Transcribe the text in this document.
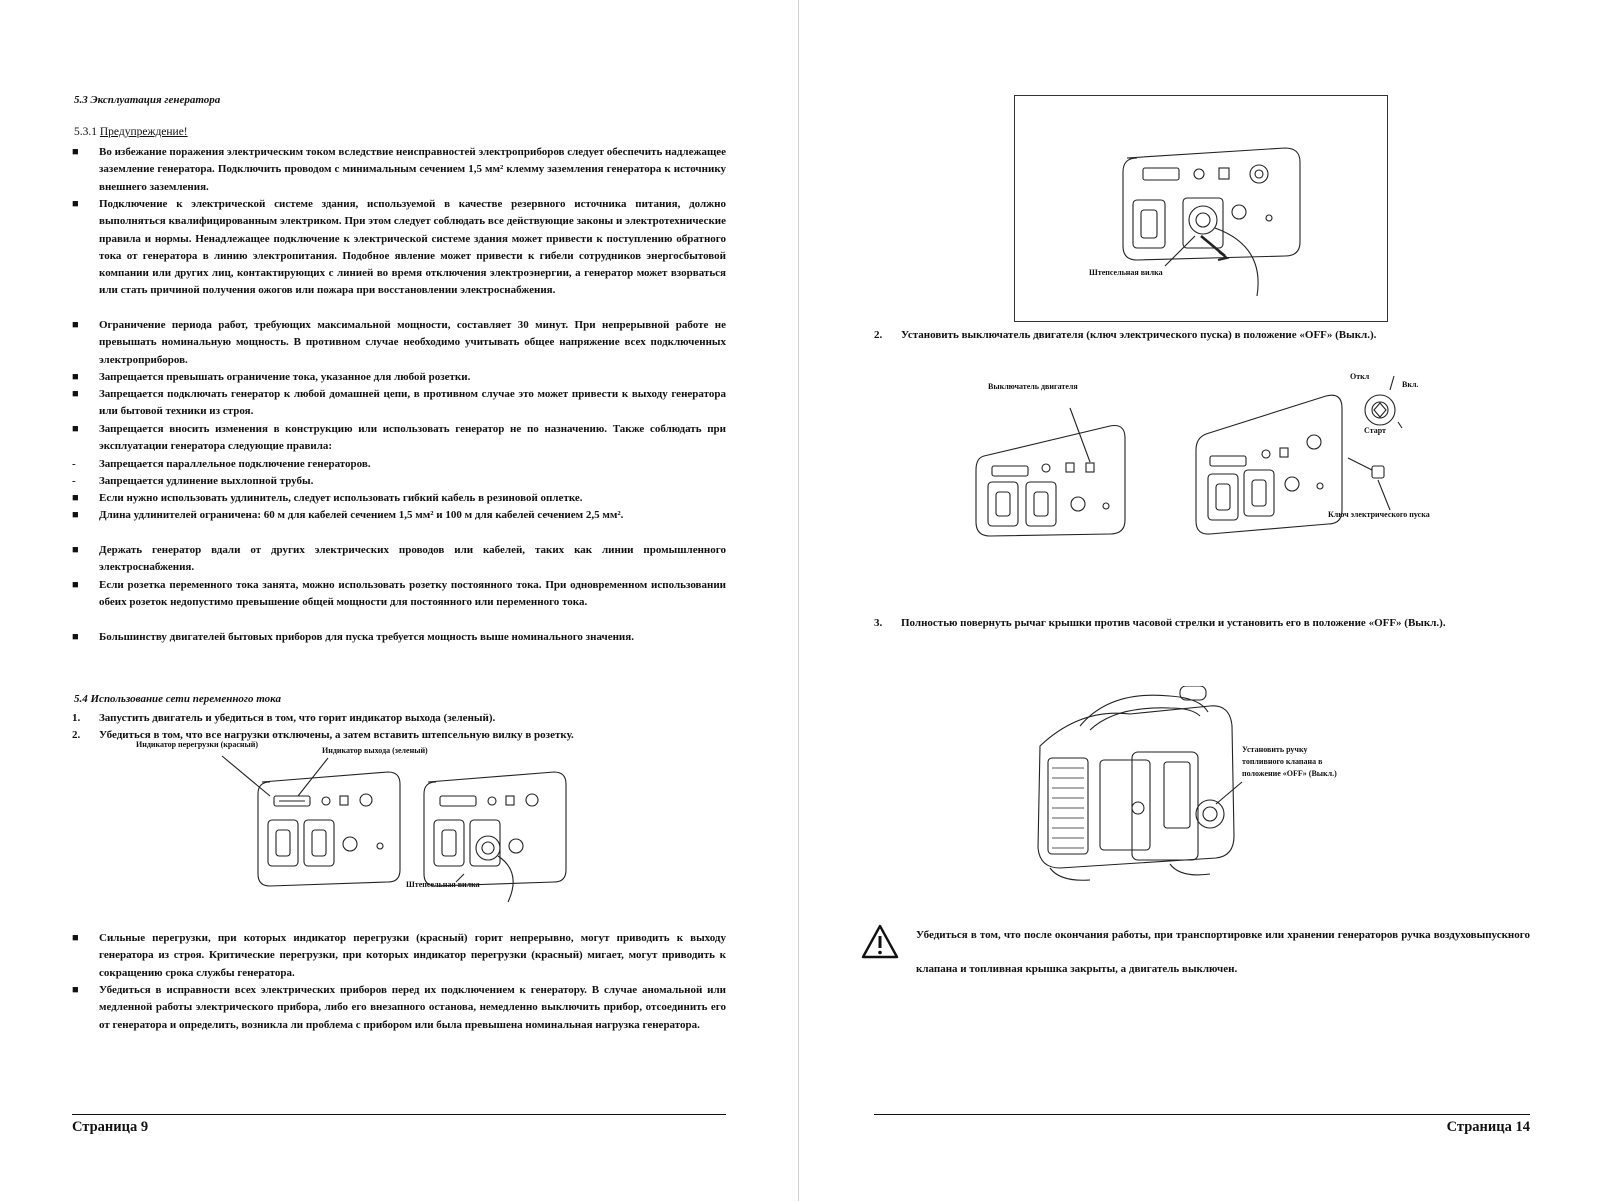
5.3 Эксплуатация генератора
5.3.1 Предупреждение!
■	Во избежание поражения электрическим током вследствие неисправностей электроприборов следует обеспечить надлежащее заземление генератора. Подключить проводом с минимальным сечением 1,5 мм² клемму заземления генератора к источнику внешнего заземления.
■	Подключение к электрической системе здания, используемой в качестве резервного источника питания, должно выполняться квалифицированным электриком. При этом следует соблюдать все действующие законы и электротехнические правила и нормы. Ненадлежащее подключение к электрической системе здания может привести к поступлению обратного тока от генератора в линию электропитания. Подобное явление может привести к гибели сотрудников энергосбытовой компании или других лиц, контактирующих с линией во время отключения электроэнергии, а генератор может взорваться или стать причиной получения ожогов или пожара при восстановлении электроснабжения.
■	Ограничение периода работ, требующих максимальной мощности, составляет 30 минут. При непрерывной работе не превышать номинальную мощность. В противном случае необходимо учитывать общее напряжение всех подключенных электроприборов.
■	Запрещается превышать ограничение тока, указанное для любой розетки.
■	Запрещается подключать генератор к любой домашней цепи, в противном случае это может привести к выходу генератора или бытовой техники из строя.
■	Запрещается вносить изменения в конструкцию или использовать генератор не по назначению. Также соблюдать при эксплуатации генератора следующие правила:
-	Запрещается параллельное подключение генераторов.
-	Запрещается удлинение выхлопной трубы.
■	Если нужно использовать удлинитель, следует использовать гибкий кабель в резиновой оплетке.
■	Длина удлинителей ограничена: 60 м для кабелей сечением 1,5 мм² и 100 м для кабелей сечением 2,5 мм².
■	Держать генератор вдали от других электрических проводов или кабелей, таких как линии промышленного электроснабжения.
■	Если розетка переменного тока занята, можно использовать розетку постоянного тока. При одновременном использовании обеих розеток недопустимо превышение общей мощности для постоянного или переменного тока.
■	Большинству двигателей бытовых приборов для пуска требуется мощность выше номинального значения.
5.4 Использование сети переменного тока
1.	Запустить двигатель и убедиться в том, что горит индикатор выхода (зеленый).
2.	Убедиться в том, что все нагрузки отключены, а затем вставить штепсельную вилку в розетку.
Индикатор перегрузки (красный)
Индикатор выхода (зеленый)
Штепсельная вилка
■	Сильные перегрузки, при которых индикатор перегрузки (красный) горит непрерывно, могут приводить к выходу генератора из строя. Критические перегрузки, при которых индикатор перегрузки (красный) мигает, могут приводить к сокращению срока службы генератора.
■	Убедиться в исправности всех электрических приборов перед их подключением к генератору. В случае аномальной или медленной работы электрического прибора, либо его внезапного останова, немедленно выключить прибор, отсоединить его от генератора и определить, возникла ли проблема с прибором или была превышена номинальная нагрузка генератора.
Страница 9
Штепсельная вилка
2.	Установить выключатель двигателя (ключ электрического пуска) в положение «OFF» (Выкл.).
Выключатель двигателя
Откл
Вкл.
Старт
Ключ электрического пуска
3.	Полностью повернуть рычаг крышки против часовой стрелки и установить его в положение «OFF» (Выкл.).
Установить ручку топливного клапана в положение «OFF» (Выкл.)
Убедиться в том, что после окончания работы, при транспортировке или хранении генераторов ручка воздуховыпускного клапана и топливная крышка закрыты, а двигатель выключен.
Страница 14
